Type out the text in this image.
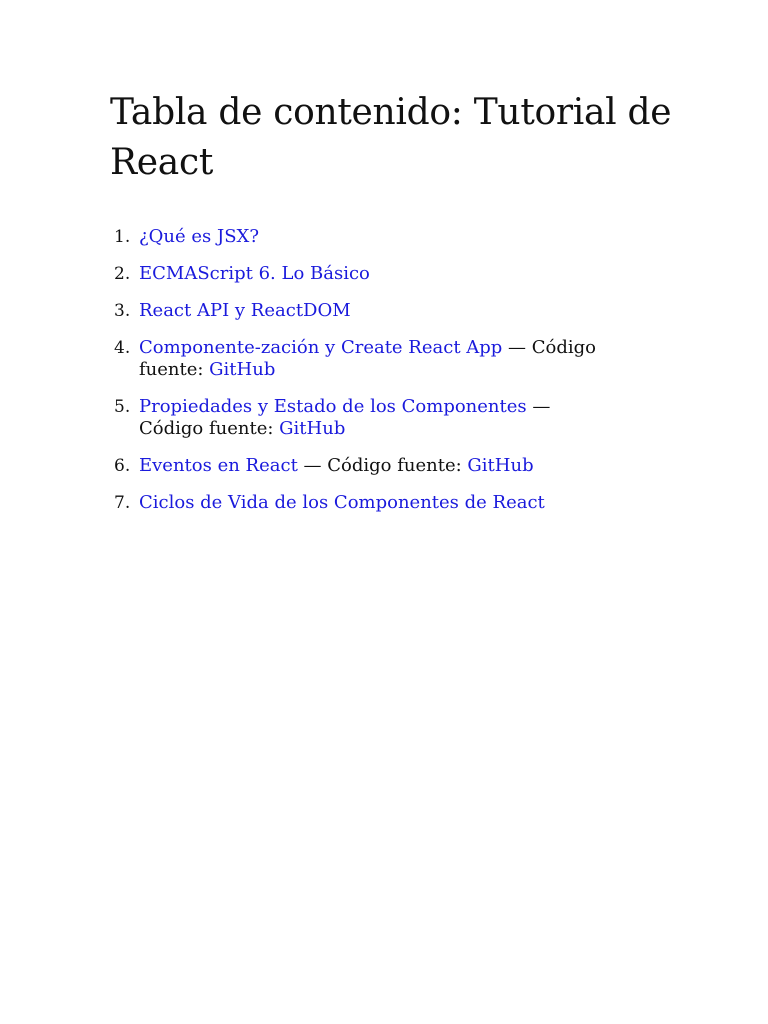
Tabla de contenido: Tutorial de React
1. ¿Qué es JSX?
2. ECMAScript 6. Lo Básico
3. React API y ReactDOM
4. Componente-zación y Create React App — Código fuente: GitHub
5. Propiedades y Estado de los Componentes — Código fuente: GitHub
6. Eventos en React — Código fuente: GitHub
7. Ciclos de Vida de los Componentes de React
